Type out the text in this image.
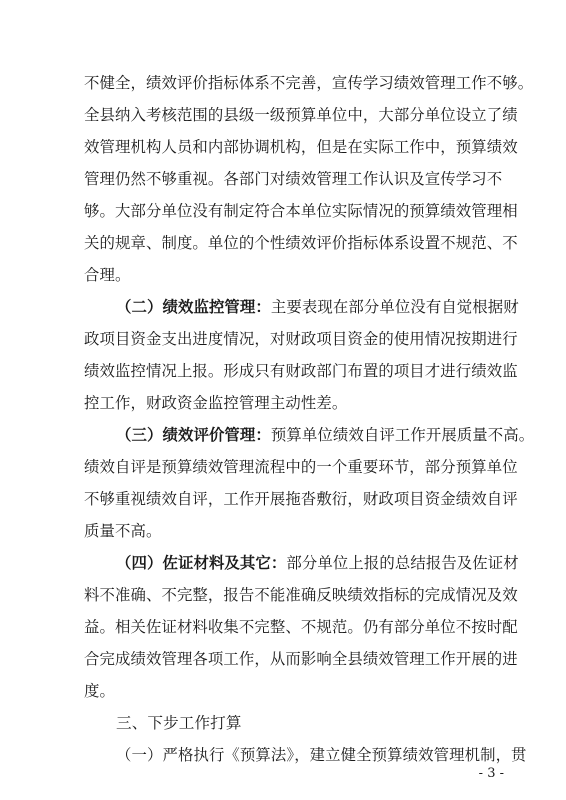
不健全，绩效评价指标体系不完善，宣传学习绩效管理工作不够。
全县纳入考核范围的县级一级预算单位中，大部分单位设立了绩
效管理机构人员和内部协调机构，但是在实际工作中，预算绩效
管理仍然不够重视。各部门对绩效管理工作认识及宣传学习不
够。大部分单位没有制定符合本单位实际情况的预算绩效管理相
关的规章、制度。单位的个性绩效评价指标体系设置不规范、不
合理。
（二）绩效监控管理：主要表现在部分单位没有自觉根据财
政项目资金支出进度情况，对财政项目资金的使用情况按期进行
绩效监控情况上报。形成只有财政部门布置的项目才进行绩效监
控工作，财政资金监控管理主动性差。
（三）绩效评价管理：预算单位绩效自评工作开展质量不高。
绩效自评是预算绩效管理流程中的一个重要环节，部分预算单位
不够重视绩效自评，工作开展拖沓敷衍，财政项目资金绩效自评
质量不高。
（四）佐证材料及其它：部分单位上报的总结报告及佐证材
料不准确、不完整，报告不能准确反映绩效指标的完成情况及效
益。相关佐证材料收集不完整、不规范。仍有部分单位不按时配
合完成绩效管理各项工作，从而影响全县绩效管理工作开展的进
度。
三、下步工作打算
（一）严格执行《预算法》，建立健全预算绩效管理机制，贯
- 3 -
